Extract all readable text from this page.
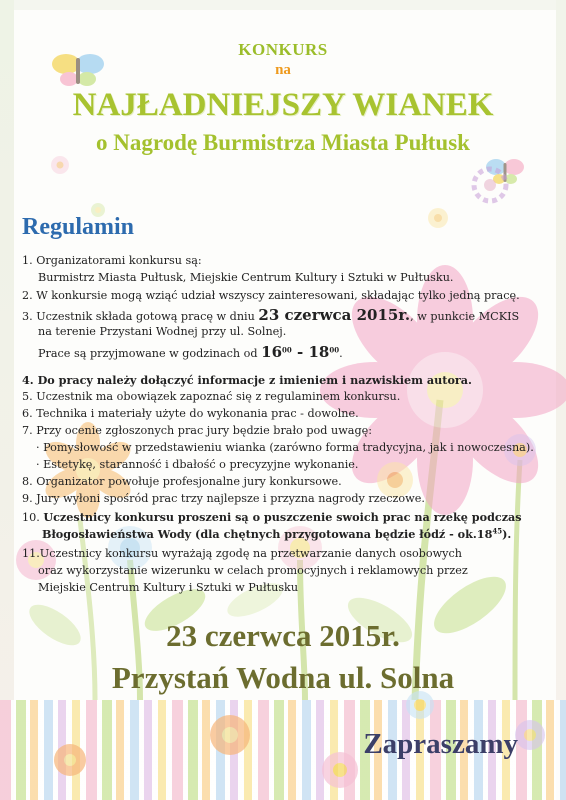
KONKURS

na

NAJŁADNIEJSZY WIANEK
o Nagrodę Burmistrza Miasta Pułtusk
Regulamin
1. Organizatorami konkursu są:
Burmistrz Miasta Pułtusk, Miejskie Centrum Kultury i Sztuki w Pułtusku.
2. W konkursie mogą wziąć udział wszyscy zainteresowani, składając tylko jedną pracę.
3. Uczestnik składa gotową pracę w dniu 23 czerwca 2015r., w punkcie MCKIS
na terenie Przystani Wodnej przy ul. Solnej.
Prace są przyjmowane w godzinach od $16^{00} - 18^{00}$.
4. Do pracy należy dołączyć informacje z imieniem i nazwiskiem autora.
5. Uczestnik ma obowiązek zapoznać się z regulaminem konkursu.
6. Technika i materiały użyte do wykonania prac - dowolne.
7. Przy ocenie zgłoszonych prac jury będzie brało pod uwagę:
· Pomysłowość w przedstawieniu wianka (zarówno forma tradycyjna, jak i nowoczesna).
· Estetykę, staranność i dbałość o precyzyjne wykonanie.
8. Organizator powołuje profesjonalne jury konkursowe.
9. Jury wyłoni spośród prac trzy najlepsze i przyzna nagrody rzeczowe.
10. Uczestnicy konkursu proszeni są o puszczenie swoich prac na rzekę podczas
Błogosławieństwa Wody (dla chętnych przygotowana będzie łódź - $ok.18^{45}$).
11.Uczestnicy konkursu wyrażają zgodę na przetwarzanie danych osobowych
oraz wykorzystanie wizerunku w celach promocyjnych i reklamowych przez
Miejskie Centrum Kultury i Sztuki w Pułtusku

23 czerwca 2015r.

Przystań Wodna ul. Solna

Zapraszamy
